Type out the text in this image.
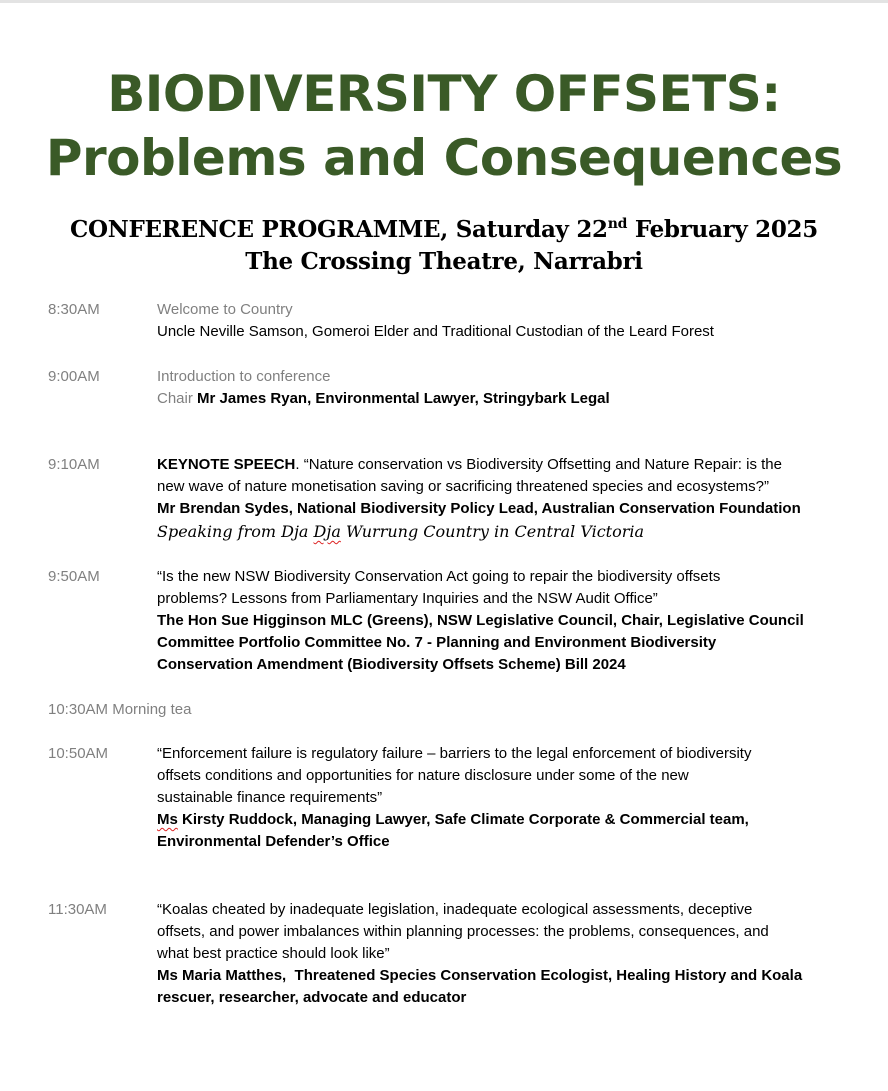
BIODIVERSITY OFFSETS:
Problems and Consequences
CONFERENCE PROGRAMME, Saturday 22nd February 2025
The Crossing Theatre, Narrabri
8:30AM	Welcome to Country
Uncle Neville Samson, Gomeroi Elder and Traditional Custodian of the Leard Forest
9:00AM	Introduction to conference
Chair Mr James Ryan, Environmental Lawyer, Stringybark Legal
9:10AM	KEYNOTE SPEECH. “Nature conservation vs Biodiversity Offsetting and Nature Repair: is the
new wave of nature monetisation saving or sacrificing threatened species and ecosystems?”
Mr Brendan Sydes, National Biodiversity Policy Lead, Australian Conservation Foundation
Speaking from Dja Dja Wurrung Country in Central Victoria
9:50AM	“Is the new NSW Biodiversity Conservation Act going to repair the biodiversity offsets
problems? Lessons from Parliamentary Inquiries and the NSW Audit Office”
The Hon Sue Higginson MLC (Greens), NSW Legislative Council, Chair, Legislative Council
Committee Portfolio Committee No. 7 - Planning and Environment Biodiversity
Conservation Amendment (Biodiversity Offsets Scheme) Bill 2024
10:30AM Morning tea
10:50AM	“Enforcement failure is regulatory failure – barriers to the legal enforcement of biodiversity
offsets conditions and opportunities for nature disclosure under some of the new
sustainable finance requirements”
Ms Kirsty Ruddock, Managing Lawyer, Safe Climate Corporate & Commercial team,
Environmental Defender’s Office
11:30AM	“Koalas cheated by inadequate legislation, inadequate ecological assessments, deceptive
offsets, and power imbalances within planning processes: the problems, consequences, and
what best practice should look like”
Ms Maria Matthes,  Threatened Species Conservation Ecologist, Healing History and Koala
rescuer, researcher, advocate and educator
